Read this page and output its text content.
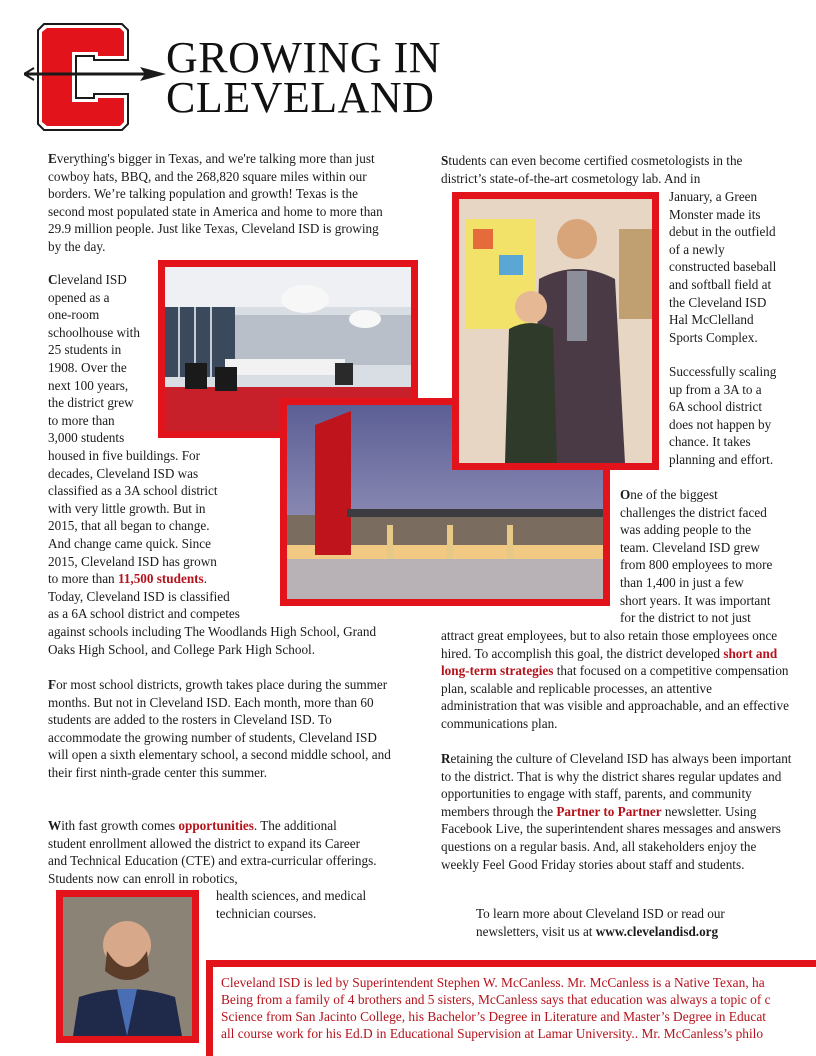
GROWING IN
CLEVELAND

Everything's bigger in Texas, and we're talking more than just cowboy hats, BBQ, and the 268,820 square miles within our borders. We’re talking population and growth! Texas is the second most populated state in America and home to more than 29.9 million people. Just like Texas, Cleveland ISD is growing by the day.

Cleveland ISD
opened as a
one-room
schoolhouse with
25 students in
1908. Over the
next 100 years,
the district grew
to more than
3,000 students
housed in five buildings. For
decades, Cleveland ISD was
classified as a 3A school district
with very little growth. But in
2015, that all began to change.
And change came quick. Since
2015, Cleveland ISD has grown
to more than 11,500 students.
Today, Cleveland ISD is classified
as a 6A school district and competes

against schools including The Woodlands High School, Grand Oaks High School, and College Park High School.

For most school districts, growth takes place during the summer months. But not in Cleveland ISD. Each month, more than 60 students are added to the rosters in Cleveland ISD. To accommodate the growing number of students, Cleveland ISD will open a sixth elementary school, a second middle school, and their first ninth-grade center this summer.

With fast growth comes opportunities. The additional student enrollment allowed the district to expand its Career and Technical Education (CTE) and extra-curricular offerings. Students now can enroll in robotics,

health sciences, and medical
technician courses.

Students can even become certified cosmetologists in the district’s state-of-the-art cosmetology lab. And in

January, a Green
Monster made its
debut in the outfield
of a newly
constructed baseball
and softball field at
the Cleveland ISD
Hal McClelland
Sports Complex.
Successfully scaling
up from a 3A to a
6A school district
does not happen by
chance. It takes
planning and effort.
One of the biggest
challenges the district faced
was adding people to the
team. Cleveland ISD grew
from 800 employees to more
than 1,400 in just a few
short years. It was important
for the district to not just

attract great employees, but to also retain those employees once hired. To accomplish this goal, the district developed short and long-term strategies that focused on a competitive compensation plan, scalable and replicable processes, an attentive administration that was visible and approachable, and an effective communications plan.

Retaining the culture of Cleveland ISD has always been important to the district. That is why the district shares regular updates and opportunities to engage with staff, parents, and community members through the Partner to Partner newsletter. Using Facebook Live, the superintendent shares messages and answers questions on a regular basis. And, all stakeholders enjoy the weekly Feel Good Friday stories about staff and students.

To learn more about Cleveland ISD or read our
newsletters, visit us at www.clevelandisd.org
Cleveland ISD is led by Superintendent Stephen W. McCanless. Mr. McCanless is a Native Texan, ha
Being from a family of 4 brothers and 5 sisters, McCanless says that education was always a topic of c
Science from San Jacinto College, his Bachelor’s Degree in Literature and Master’s Degree in Educat
all course work for his Ed.D in Educational Supervision at Lamar University.. Mr. McCanless’s philo
